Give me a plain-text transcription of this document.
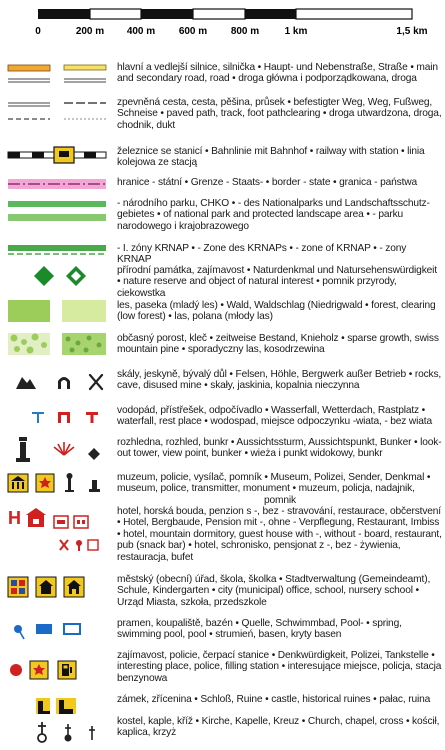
0	200 m 400 m 600 m 800 m	1 km	1,5 km
hlavní a vedlejší silnice, silnička • Haupt- und Nebenstraße, Straße • main and secondary road, road • droga główna i podporządkowana, droga
zpevněná cesta, cesta, pěšina, průsek • befestigter Weg, Weg, Fußweg, Schneise • paved path, track, foot pathclearing • droga utwardzona, droga, chodnik, dukt
železnice se stanicí • Bahnlinie mit Bahnhof • railway with station • linia kolejowa ze stacją
hranice - státní • Grenze - Staats- • border - state • granica - państwa
- národního parku, CHKO • - des Nationalparks und Landschaftsschutz-gebietes • of national park and protected landscape area • - parku narodowego i krajobrazowego
- I. zóny KRNAP • - Zone des KRNAPs • - zone of KRNAP • - zony KRNAP
přírodní památka, zajímavost • Naturdenkmal und Natursehenswürdigkeit • nature reserve and object of natural interest • pomnik przyrody, ciekowstka
les, paseka (mladý les) • Wald, Waldschlag (Niedrigwald • forest, clearing (low forest) • las, polana (młody las)
občasný porost, kleč • zeitweise Bestand, Knieholz • sparse growth, swiss mountain pine • sporadyczny las, kosodrzewina
skály, jeskyně, bývalý důl • Felsen, Höhle, Bergwerk außer Betrieb • rocks, cave, disused mine • skały, jaskinia, kopalnia nieczynna
vodopád, přístřešek, odpočívadlo • Wasserfall, Wetterdach, Rastplatz • waterfall, rest place • wodospad, miejsce odpoczynku -wiata, - bez wiata
rozhledna, rozhled, bunkr • Aussichtssturm, Aussichtspunkt, Bunker • look-out tower, view point, bunker • wieża i punkt widokowy, bunkr
muzeum, policie, vysílač, pomník • Museum, Polizei, Sender, Denkmal • museum, police, transmitter, monument • muzeum, policja, nadajnik,
pomnik
H	hotel, horská bouda, penzion s -, bez - stravování, restaurace, občerstvení • Hotel, Bergbaude, Pension mit -, ohne - Verpflegung, Restaurant, Imbiss • hotel, mountain dormitory, guest house with -, without - board, restaurant, pub (snack bar) • hotel, schronisko, pensjonat z -, bez - żywienia, restauracja, bufet
městský (obecní) úřad, škola, školka • Stadtverwaltung (Gemeindeamt), Schule, Kindergarten • city (municipal) office, school, nursery school • Urząd Miasta, szkoła, przedszkole
pramen, koupaliště, bazén • Quelle, Schwimmbad, Pool- • spring, swimming pool, pool • strumień, basen, kryty basen
zajímavost, policie, čerpací stanice • Denkwürdigkeit, Polizei, Tankstelle • interesting place, police, filling station • interesujące miejsce, policja, stacja benzynowa
zámek, zřícenina • Schloß, Ruine • castle, historical ruines • pałac, ruina
kostel, kaple, kříž • Kirche, Kapelle, Kreuz • Church, chapel, cross • kościł, kaplica, krzyż
